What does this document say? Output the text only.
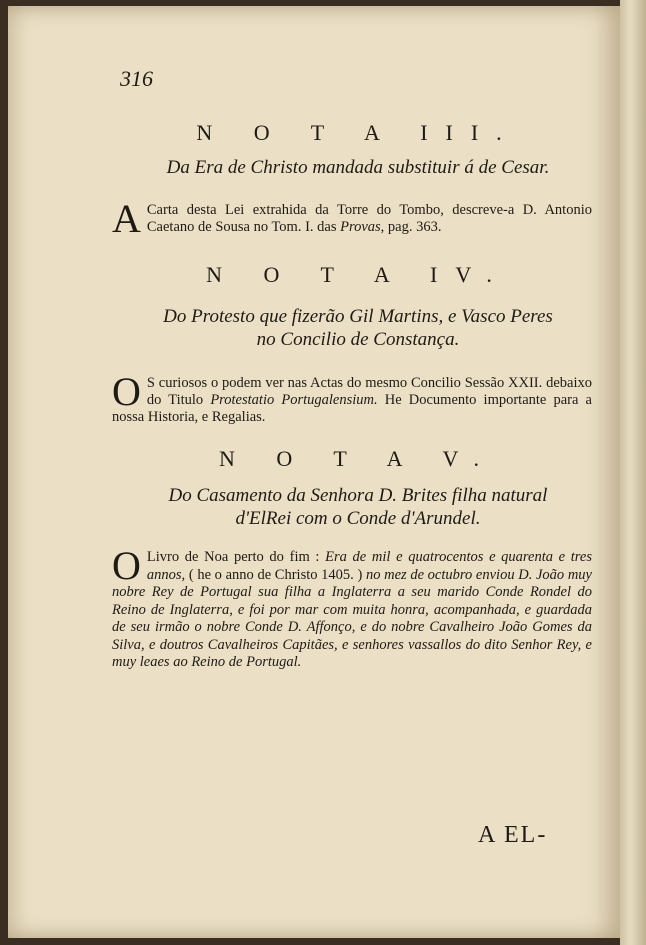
316
N O T A III.
Da Era de Christo mandada substituir á de Cesar.
A Carta desta Lei extrahida da Torre do Tombo, descreve-a D. Antonio Caetano de Sousa no Tom. I. das Provas, pag. 363.
N O T A IV.
Do Protesto que fizerão Gil Martins, e Vasco Peres
no Concilio de Constança.
O S curiosos o podem ver nas Actas do mesmo Concilio Sessão XXII. debaixo do Titulo Protestatio Portugalensium. He Documento importante para a nossa Historia, e Regalias.
N O T A V.
Do Casamento da Senhora D. Brites filha natural
d'ElRei com o Conde d'Arundel.
O Livro de Noa perto do fim : Era de mil e quatrocentos e quarenta e tres annos, ( he o anno de Christo 1405. ) no mez de octubro enviou D. João muy nobre Rey de Portugal sua filha a Inglaterra a seu marido Conde Rondel do Reino de Inglaterra, e foi por mar com muita honra, acompanhada, e guardada de seu irmão o nobre Conde D. Affonço, e do nobre Cavalheiro João Gomes da Silva, e doutros Cavalheiros Capitães, e senhores vassallos do dito Senhor Rey, e muy leaes ao Reino de Portugal.
A EL-
